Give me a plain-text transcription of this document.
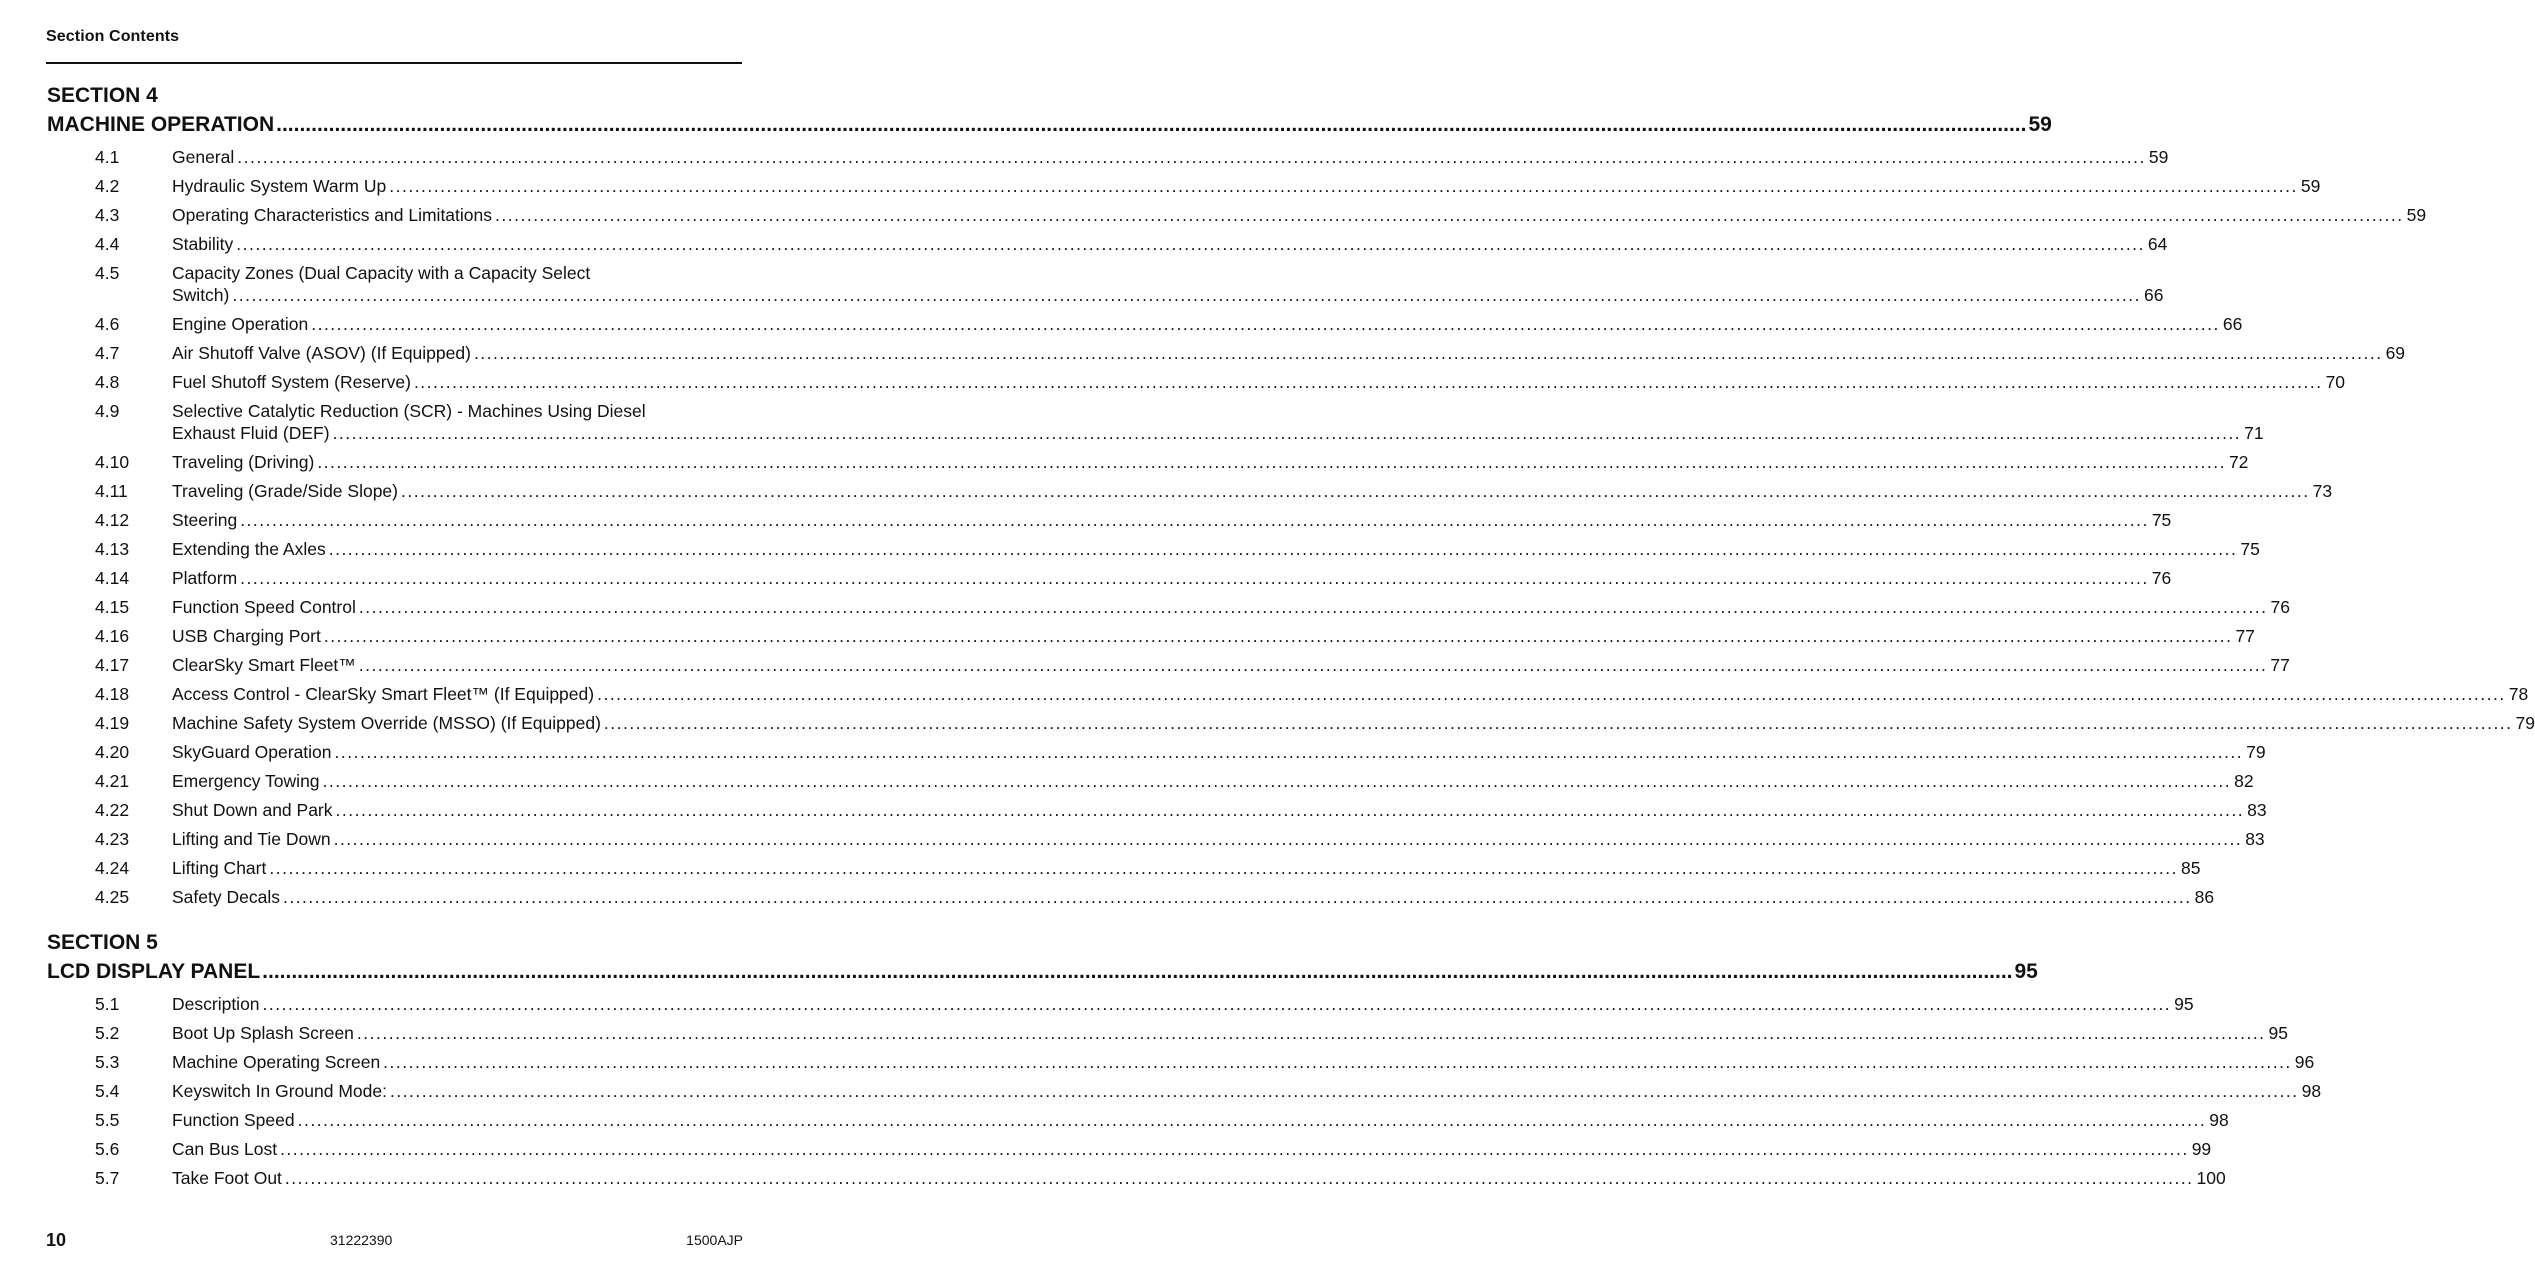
Section Contents
SECTION 4
MACHINE OPERATION ............................................................................................................................................................................................................................................................................................................ 59
4.1	General ............................................................................................................................................................................................................................................................................................................ 59
4.2	Hydraulic System Warm Up ............................................................................................................................................................................................................................................................................................................ 59
4.3	Operating Characteristics and Limitations ............................................................................................................................................................................................................................................................................................................ 59
4.4	Stability ............................................................................................................................................................................................................................................................................................................ 64
4.5	Capacity Zones (Dual Capacity with a Capacity Select
Switch) ............................................................................................................................................................................................................................................................................................................ 66
4.6	Engine Operation ............................................................................................................................................................................................................................................................................................................ 66
4.7	Air Shutoff Valve (ASOV) (If Equipped) ............................................................................................................................................................................................................................................................................................................ 69
4.8	Fuel Shutoff System (Reserve) ............................................................................................................................................................................................................................................................................................................ 70
4.9	Selective Catalytic Reduction (SCR) - Machines Using Diesel
Exhaust Fluid (DEF) ............................................................................................................................................................................................................................................................................................................ 71
4.10	Traveling (Driving) ............................................................................................................................................................................................................................................................................................................ 72
4.11	Traveling (Grade/Side Slope) ............................................................................................................................................................................................................................................................................................................ 73
4.12	Steering ............................................................................................................................................................................................................................................................................................................ 75
4.13	Extending the Axles ............................................................................................................................................................................................................................................................................................................ 75
4.14	Platform ............................................................................................................................................................................................................................................................................................................ 76
4.15	Function Speed Control ............................................................................................................................................................................................................................................................................................................ 76
4.16	USB Charging Port ............................................................................................................................................................................................................................................................................................................ 77
4.17	ClearSky Smart Fleet™ ............................................................................................................................................................................................................................................................................................................ 77
4.18	Access Control - ClearSky Smart Fleet™ (If Equipped) ............................................................................................................................................................................................................................................................................................................ 78
4.19	Machine Safety System Override (MSSO) (If Equipped) ............................................................................................................................................................................................................................................................................................................ 79
4.20	SkyGuard Operation ............................................................................................................................................................................................................................................................................................................ 79
4.21	Emergency Towing ............................................................................................................................................................................................................................................................................................................ 82
4.22	Shut Down and Park ............................................................................................................................................................................................................................................................................................................ 83
4.23	Lifting and Tie Down ............................................................................................................................................................................................................................................................................................................ 83
4.24	Lifting Chart ............................................................................................................................................................................................................................................................................................................ 85
4.25	Safety Decals ............................................................................................................................................................................................................................................................................................................ 86
SECTION 5
LCD DISPLAY PANEL ............................................................................................................................................................................................................................................................................................................ 95
5.1	Description ............................................................................................................................................................................................................................................................................................................ 95
5.2	Boot Up Splash Screen ............................................................................................................................................................................................................................................................................................................ 95
5.3	Machine Operating Screen ............................................................................................................................................................................................................................................................................................................ 96
5.4	Keyswitch In Ground Mode: ............................................................................................................................................................................................................................................................................................................ 98
5.5	Function Speed ............................................................................................................................................................................................................................................................................................................ 98
5.6	Can Bus Lost ............................................................................................................................................................................................................................................................................................................ 99
5.7	Take Foot Out ............................................................................................................................................................................................................................................................................................................ 100
10	31222390	1500AJP
